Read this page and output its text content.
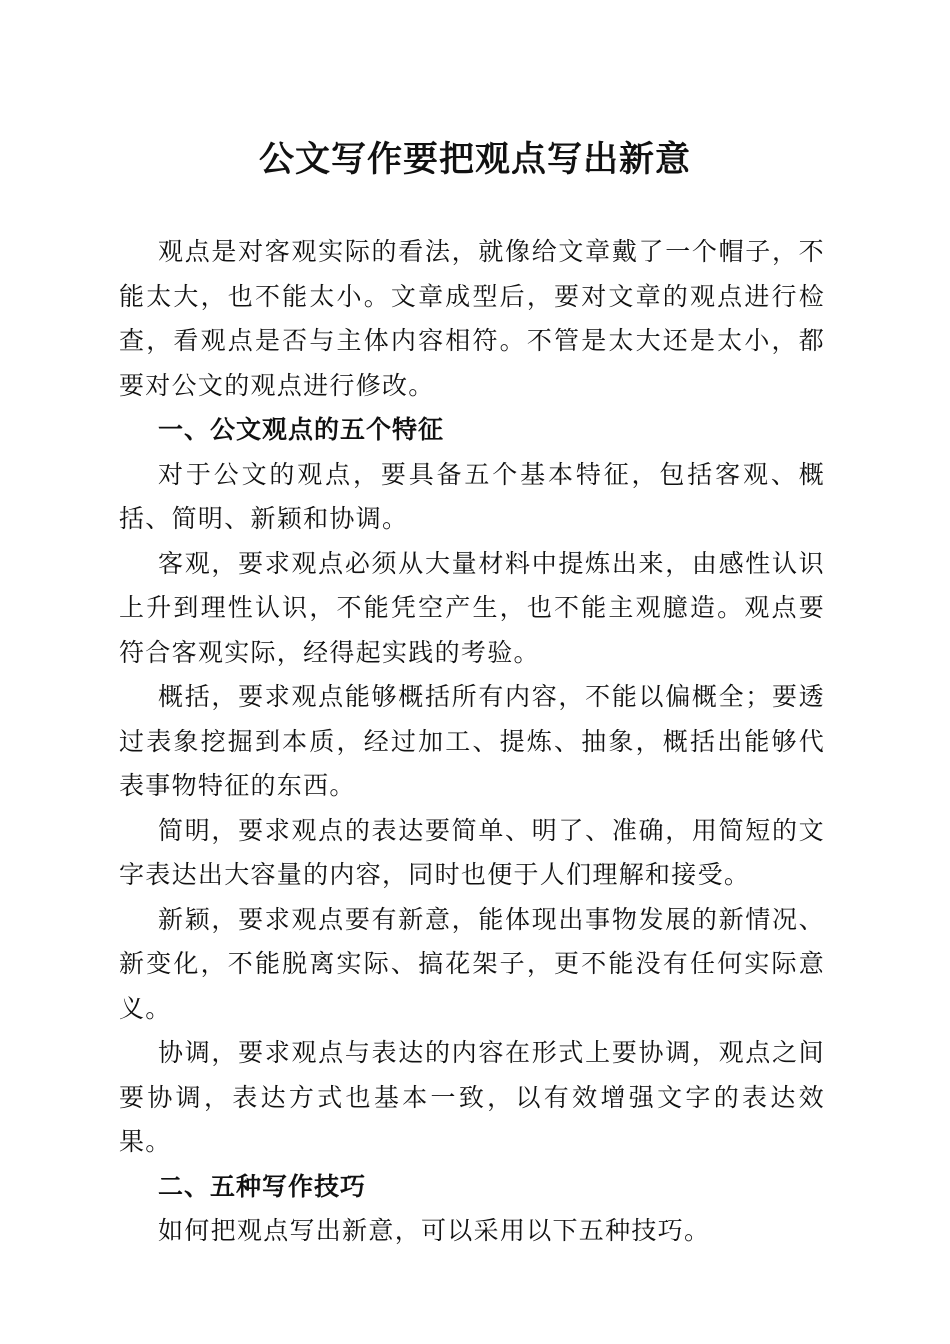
公文写作要把观点写出新意

观点是对客观实际的看法，就像给文章戴了一个帽子，不能太大，也不能太小。文章成型后，要对文章的观点进行检查，看观点是否与主体内容相符。不管是太大还是太小，都要对公文的观点进行修改。

一、公文观点的五个特征

对于公文的观点，要具备五个基本特征，包括客观、概括、简明、新颖和协调。

客观，要求观点必须从大量材料中提炼出来，由感性认识上升到理性认识，不能凭空产生，也不能主观臆造。观点要符合客观实际，经得起实践的考验。

概括，要求观点能够概括所有内容，不能以偏概全；要透过表象挖掘到本质，经过加工、提炼、抽象，概括出能够代表事物特征的东西。

简明，要求观点的表达要简单、明了、准确，用简短的文字表达出大容量的内容，同时也便于人们理解和接受。

新颖，要求观点要有新意，能体现出事物发展的新情况、新变化，不能脱离实际、搞花架子，更不能没有任何实际意义。

协调，要求观点与表达的内容在形式上要协调，观点之间要协调，表达方式也基本一致，以有效增强文字的表达效果。

二、五种写作技巧

如何把观点写出新意，可以采用以下五种技巧。
